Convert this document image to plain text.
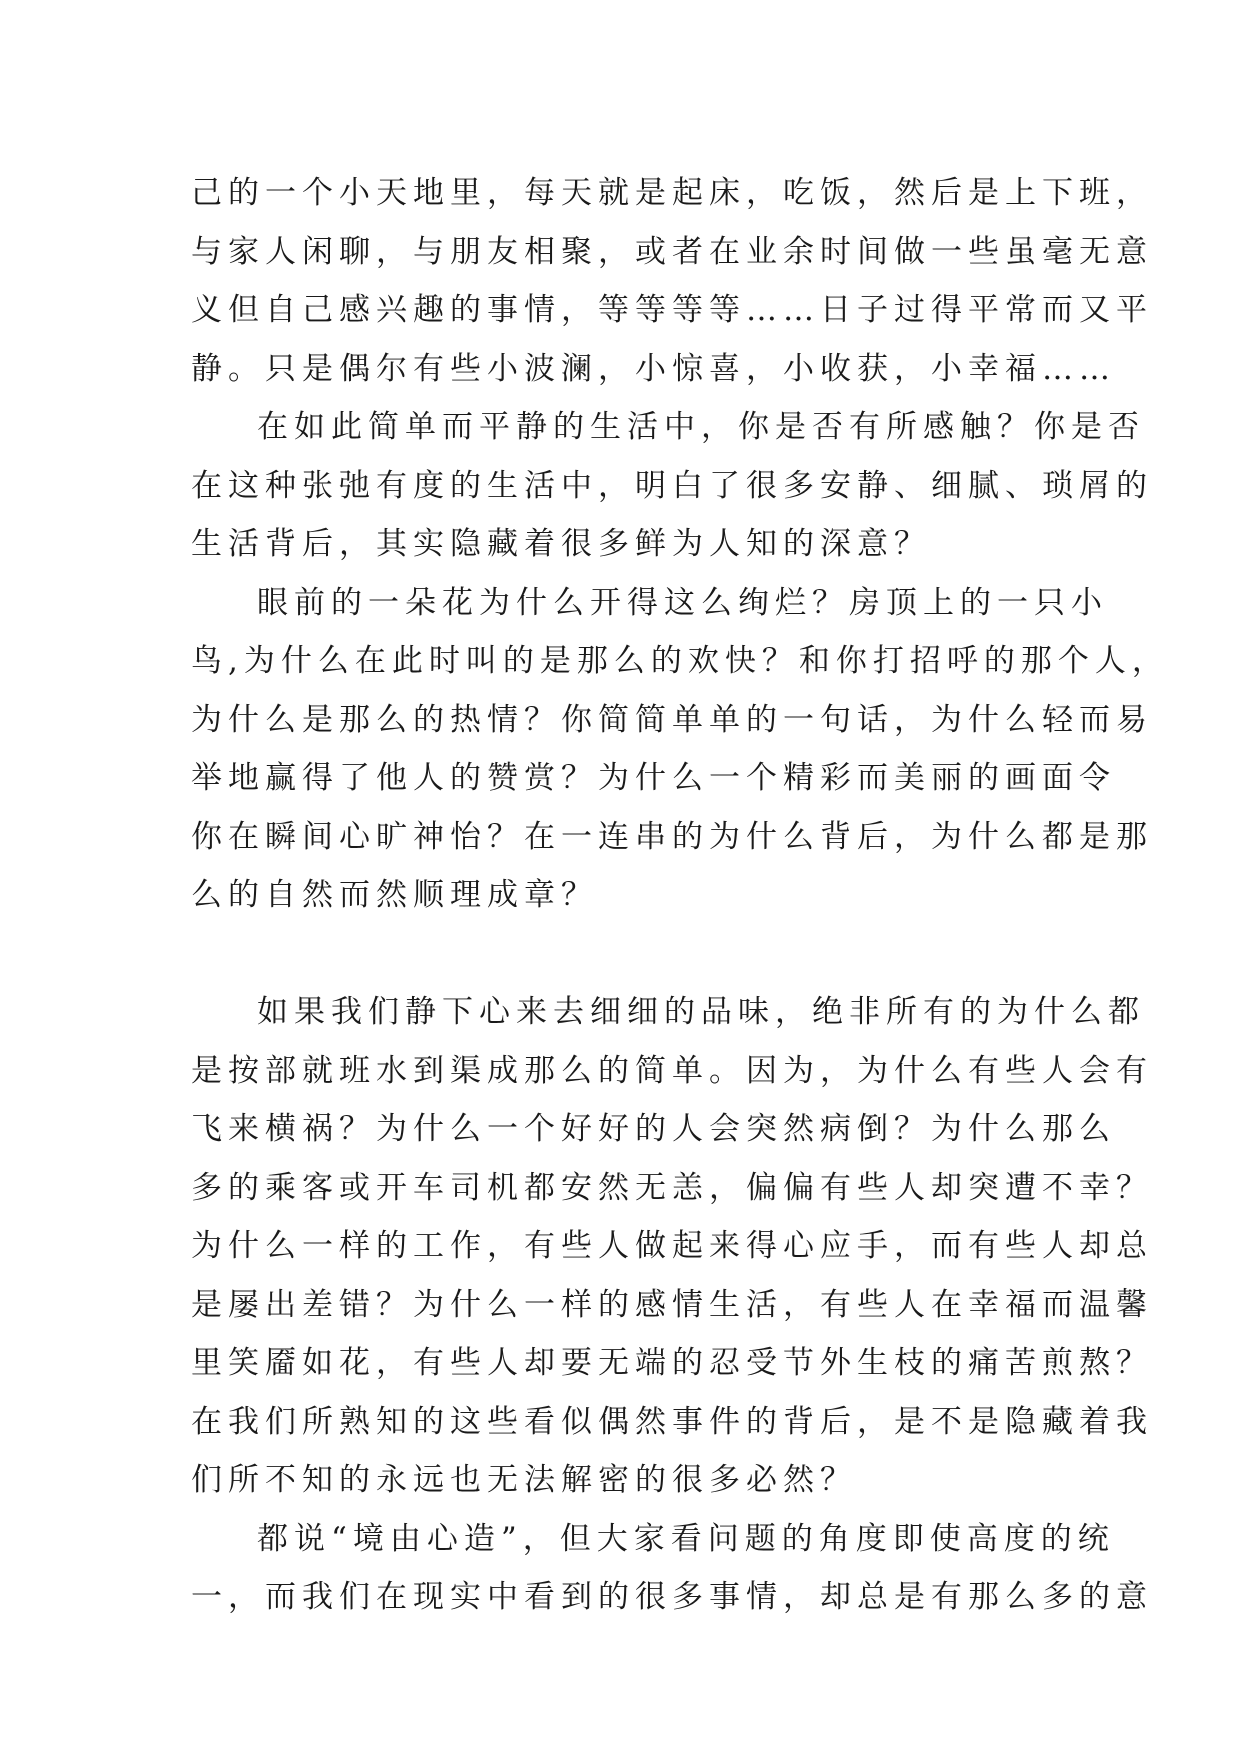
己的一个小天地里，每天就是起床，吃饭，然后是上下班，
与家人闲聊，与朋友相聚，或者在业余时间做一些虽毫无意
义但自己感兴趣的事情，等等等等……日子过得平常而又平
静。只是偶尔有些小波澜，小惊喜，小收获，小幸福……
在如此简单而平静的生活中，你是否有所感触？你是否
在这种张弛有度的生活中，明白了很多安静、细腻、琐屑的
生活背后，其实隐藏着很多鲜为人知的深意？
眼前的一朵花为什么开得这么绚烂？房顶上的一只小
鸟,为什么在此时叫的是那么的欢快？和你打招呼的那个人，
为什么是那么的热情？你简简单单的一句话，为什么轻而易
举地赢得了他人的赞赏？为什么一个精彩而美丽的画面令
你在瞬间心旷神怡？在一连串的为什么背后，为什么都是那
么的自然而然顺理成章？
如果我们静下心来去细细的品味，绝非所有的为什么都
是按部就班水到渠成那么的简单。因为，为什么有些人会有
飞来横祸？为什么一个好好的人会突然病倒？为什么那么
多的乘客或开车司机都安然无恙，偏偏有些人却突遭不幸？
为什么一样的工作，有些人做起来得心应手，而有些人却总
是屡出差错？为什么一样的感情生活，有些人在幸福而温馨
里笑靥如花，有些人却要无端的忍受节外生枝的痛苦煎熬？
在我们所熟知的这些看似偶然事件的背后，是不是隐藏着我
们所不知的永远也无法解密的很多必然？
都说“境由心造”，但大家看问题的角度即使高度的统
一，而我们在现实中看到的很多事情，却总是有那么多的意
